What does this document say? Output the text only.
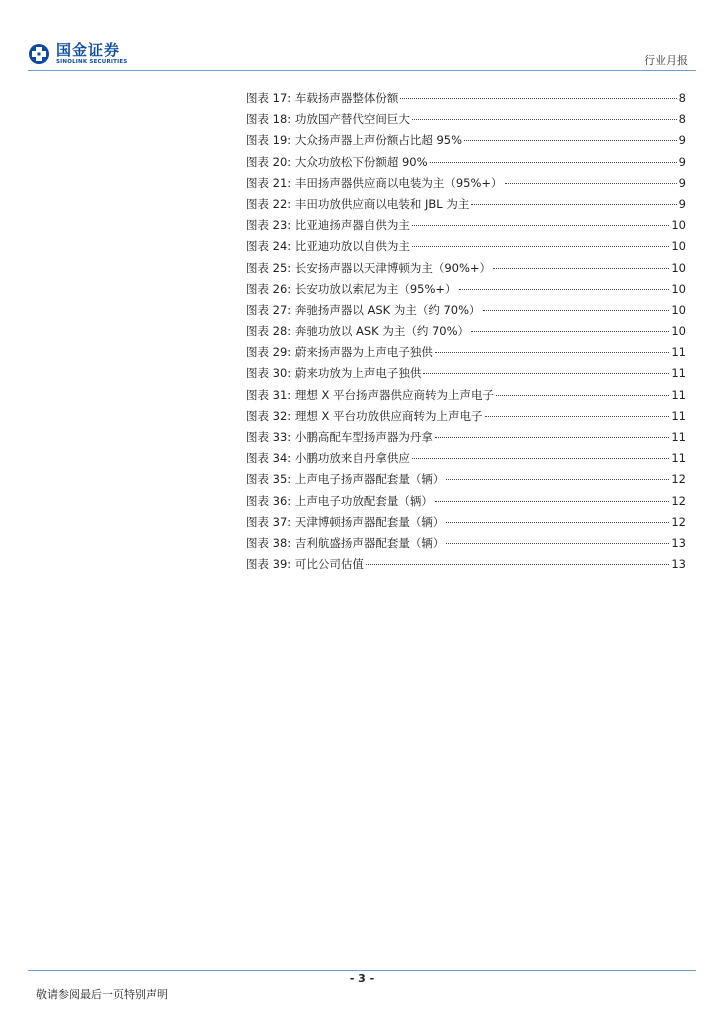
国金证券
SINOLINK SECURITIES	行业月报
图表 17: 车载扬声器整体份额	8
图表 18: 功放国产替代空间巨大	8
图表 19: 大众扬声器上声份额占比超 95%	9
图表 20: 大众功放松下份额超 90%	9
图表 21: 丰田扬声器供应商以电装为主（95%+）	9
图表 22: 丰田功放供应商以电装和 JBL 为主	9
图表 23: 比亚迪扬声器自供为主	10
图表 24: 比亚迪功放以自供为主	10
图表 25: 长安扬声器以天津博顿为主（90%+）	10
图表 26: 长安功放以索尼为主（95%+）	10
图表 27: 奔驰扬声器以 ASK 为主（约 70%）	10
图表 28: 奔驰功放以 ASK 为主（约 70%）	10
图表 29: 蔚来扬声器为上声电子独供	11
图表 30: 蔚来功放为上声电子独供	11
图表 31: 理想 X 平台扬声器供应商转为上声电子	11
图表 32: 理想 X 平台功放供应商转为上声电子	11
图表 33: 小鹏高配车型扬声器为丹拿	11
图表 34: 小鹏功放来自丹拿供应	11
图表 35: 上声电子扬声器配套量（辆）	12
图表 36: 上声电子功放配套量（辆）	12
图表 37: 天津博顿扬声器配套量（辆）	12
图表 38: 吉利航盛扬声器配套量（辆）	13
图表 39: 可比公司估值	13
- 3 -
敬请参阅最后一页特别声明
